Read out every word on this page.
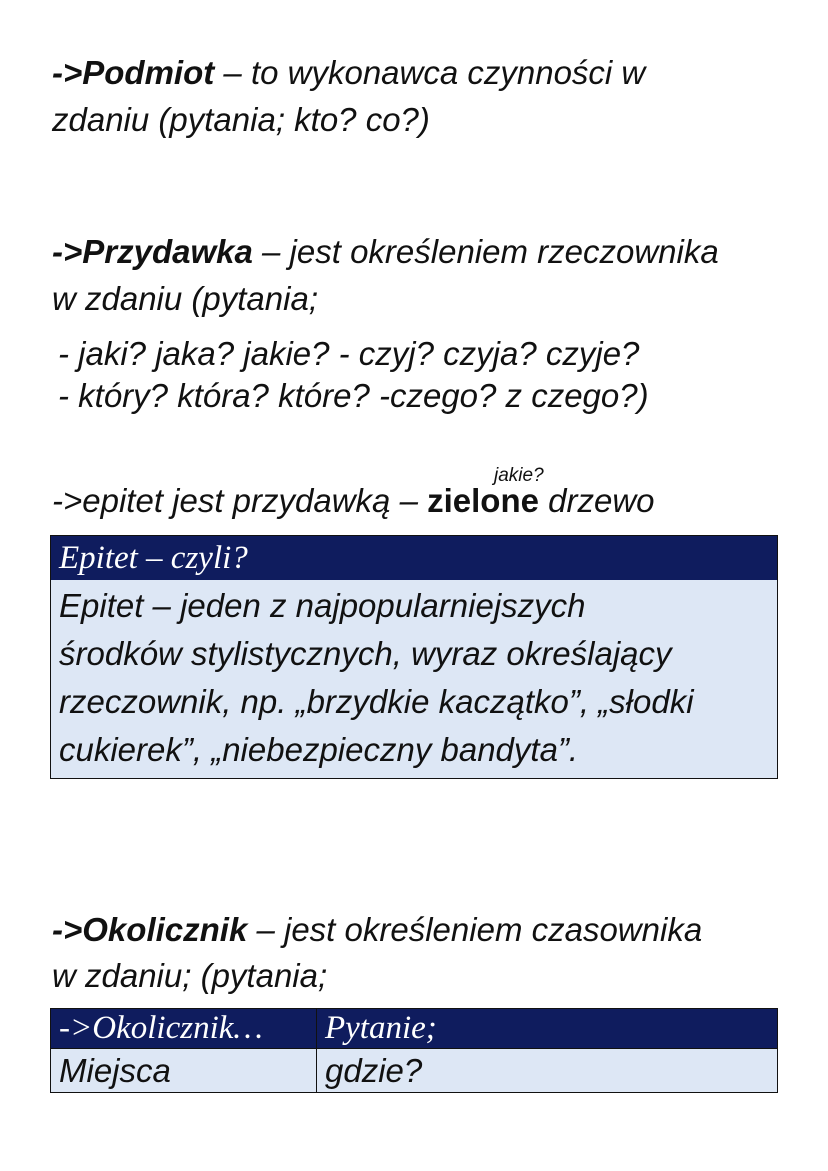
->Podmiot – to wykonawca czynności w
zdaniu (pytania; kto? co?)
->Przydawka – jest określeniem rzeczownika
w zdaniu (pytania;
- jaki? jaka? jakie? - czyj? czyja? czyje?
- który? która? które? -czego? z czego?)
jakie?
->epitet jest przydawką – zielone drzewo
Epitet – czyli?
Epitet – jeden z najpopularniejszych
środków stylistycznych, wyraz określający
rzeczownik, np. „brzydkie kaczątko”, „słodki
cukierek”, „niebezpieczny bandyta”.
->Okolicznik – jest określeniem czasownika
w zdaniu; (pytania;
->Okolicznik…	Pytanie;
Miejsca	gdzie?
